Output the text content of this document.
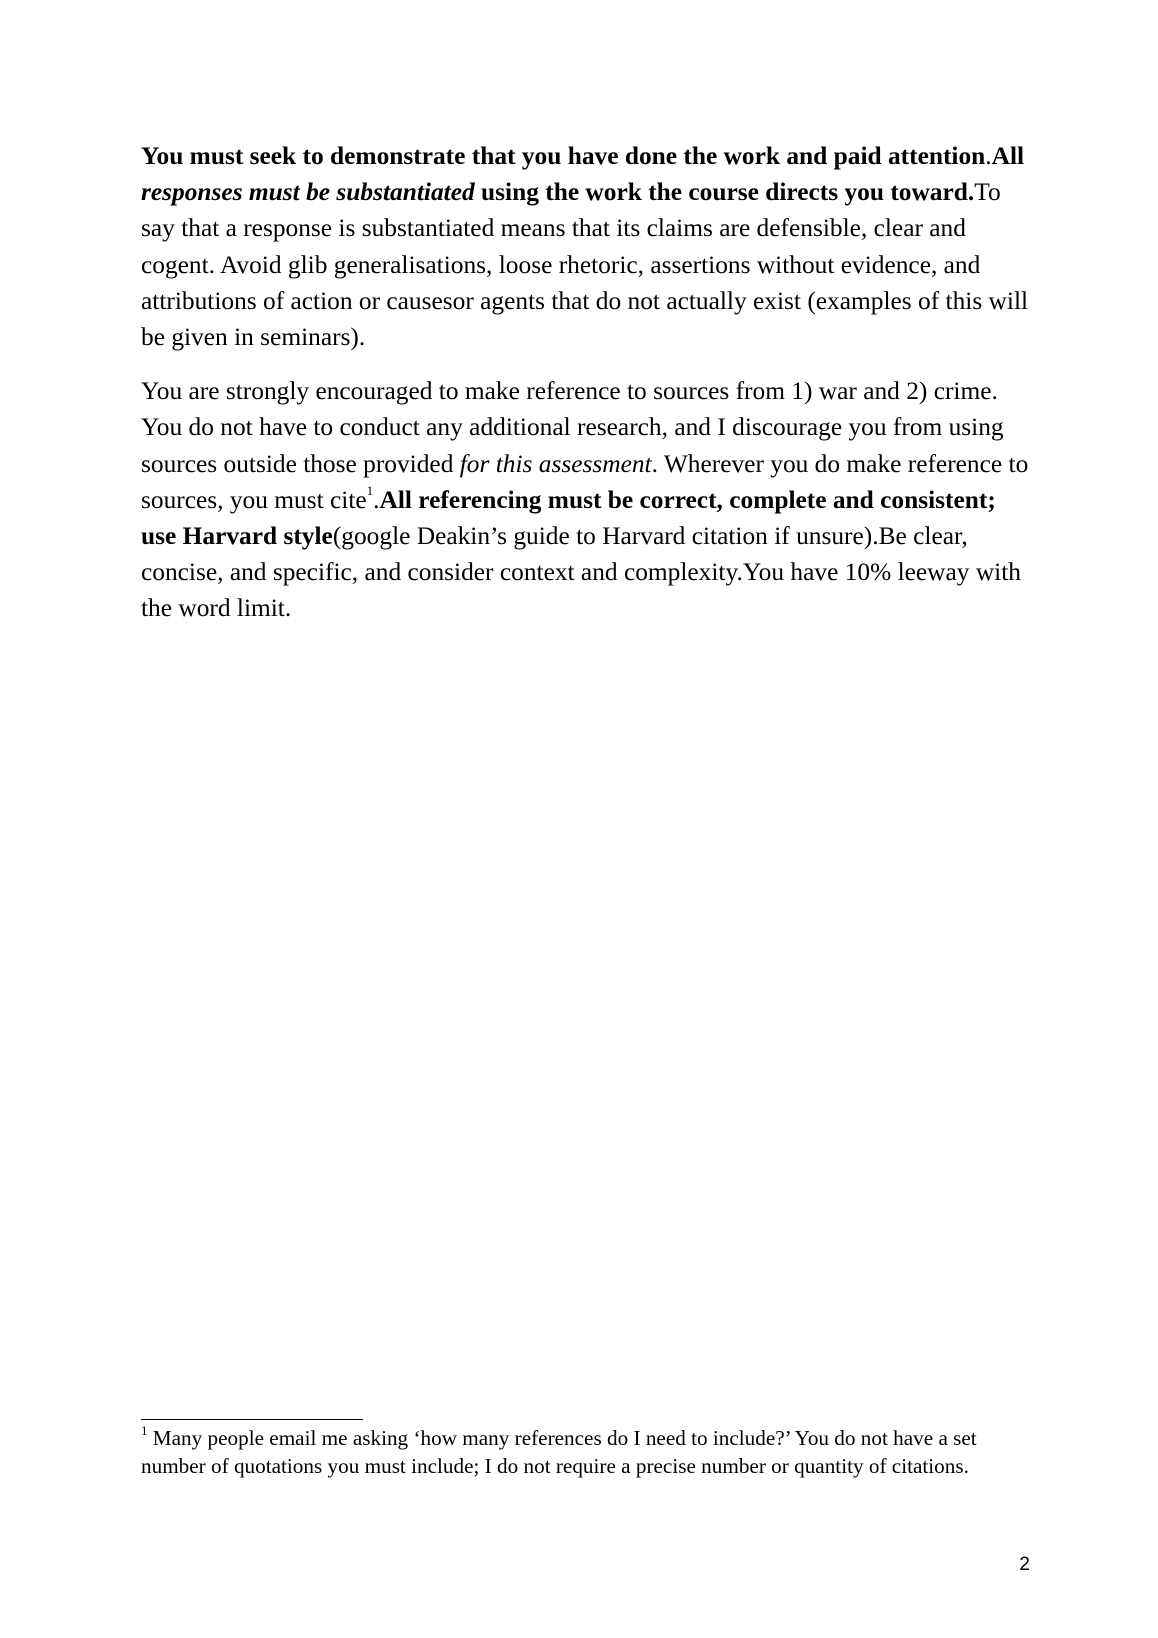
You must seek to demonstrate that you have done the work and paid attention.All responses must be substantiated using the work the course directs you toward.To say that a response is substantiated means that its claims are defensible, clear and cogent. Avoid glib generalisations, loose rhetoric, assertions without evidence, and attributions of action or causesor agents that do not actually exist (examples of this will be given in seminars).

You are strongly encouraged to make reference to sources from 1) war and 2) crime. You do not have to conduct any additional research, and I discourage you from using sources outside those provided for this assessment. Wherever you do make reference to sources, you must cite$^1$.All referencing must be correct, complete and consistent; use Harvard style(google Deakin’s guide to Harvard citation if unsure).Be clear, concise, and specific, and consider context and complexity.You have 10% leeway with the word limit.

$^1$ Many people email me asking ‘how many references do I need to include?’ You do not have a set number of quotations you must include; I do not require a precise number or quantity of citations.

2
